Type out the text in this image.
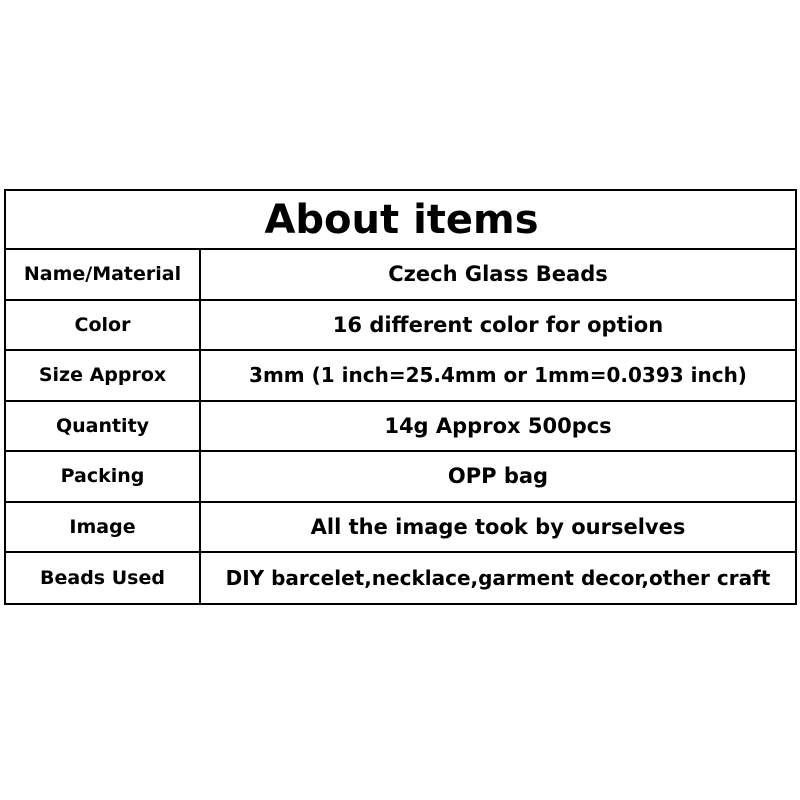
About items
Name/Material	Czech Glass Beads
Color	16 different color for option
Size Approx	3mm (1 inch=25.4mm or 1mm=0.0393 inch)
Quantity	14g Approx 500pcs
Packing	OPP bag
Image	All the image took by ourselves
Beads Used	DIY barcelet,necklace,garment decor,other craft
